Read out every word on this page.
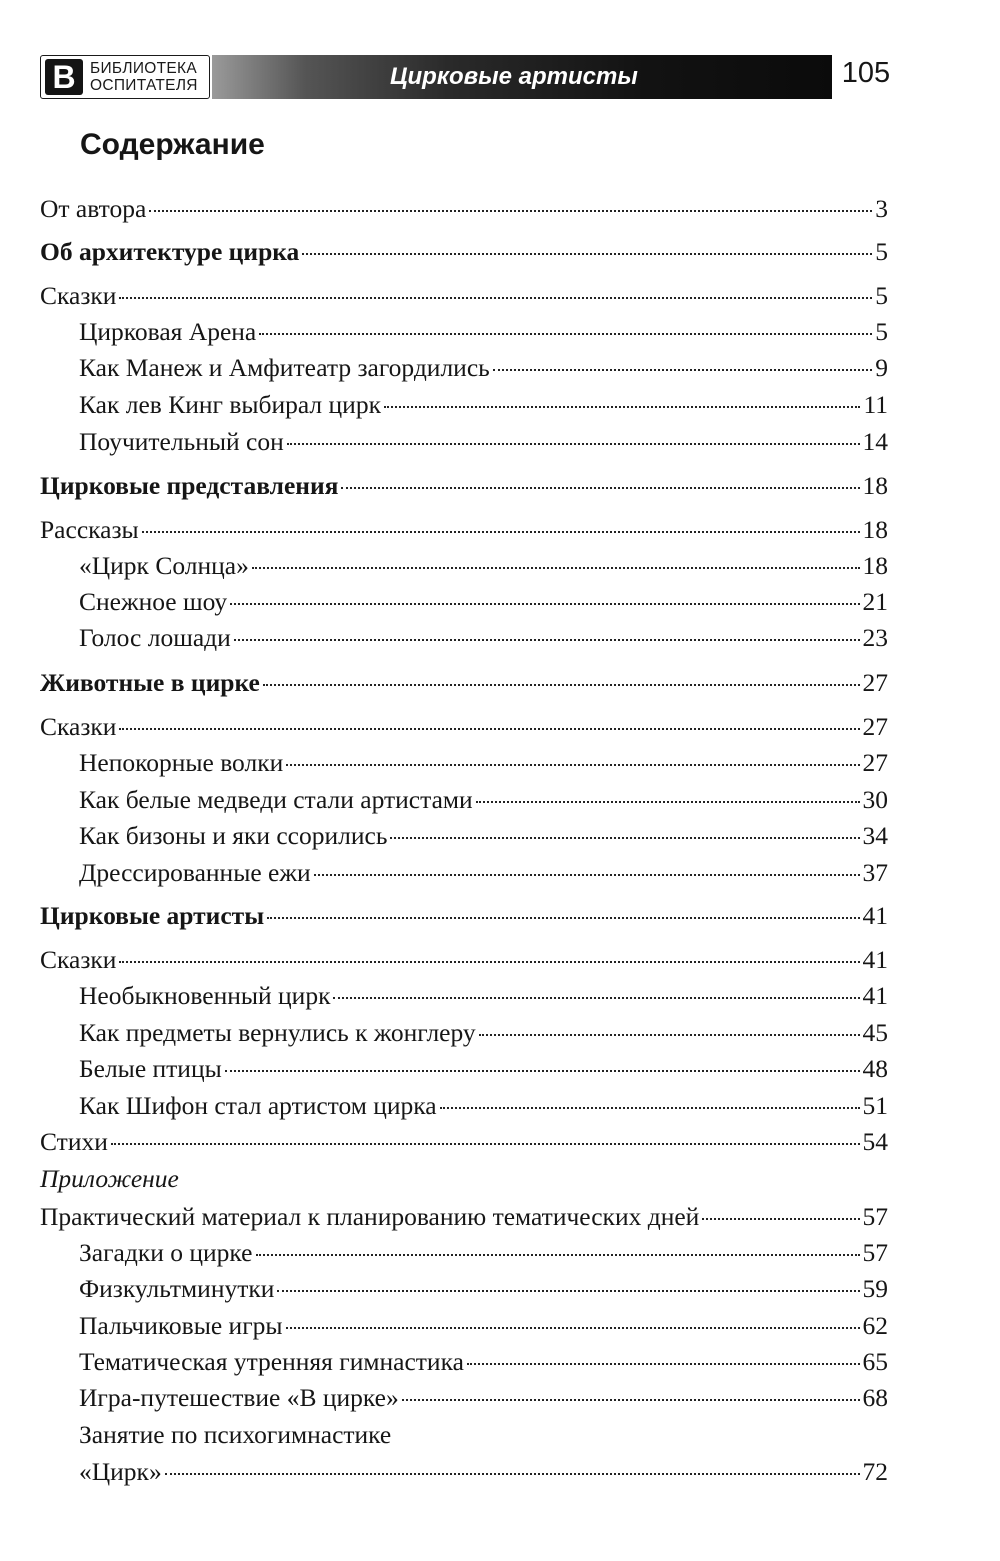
В БИБЛИОТЕКА
ОСПИТАТЕЛЯ	Цирковые артисты	105
Содержание
От автора	3
Об архитектуре цирка	5
Сказки	5
Цирковая Арена	5
Как Манеж и Амфитеатр загордились	9
Как лев Кинг выбирал цирк	11
Поучительный сон	14
Цирковые представления	18
Рассказы	18
«Цирк Солнца»	18
Снежное шоу	21
Голос лошади	23
Животные в цирке	27
Сказки	27
Непокорные волки	27
Как белые медведи стали артистами	30
Как бизоны и яки ссорились	34
Дрессированные ежи	37
Цирковые артисты	41
Сказки	41
Необыкновенный цирк	41
Как предметы вернулись к жонглеру	45
Белые птицы	48
Как Шифон стал артистом цирка	51
Стихи	54
Приложение
Практический материал к планированию тематических дней	57
Загадки о цирке	57
Физкультминутки	59
Пальчиковые игры	62
Тематическая утренняя гимнастика	65
Игра-путешествие «В цирке»	68
Занятие по психогимнастике
«Цирк»	72
